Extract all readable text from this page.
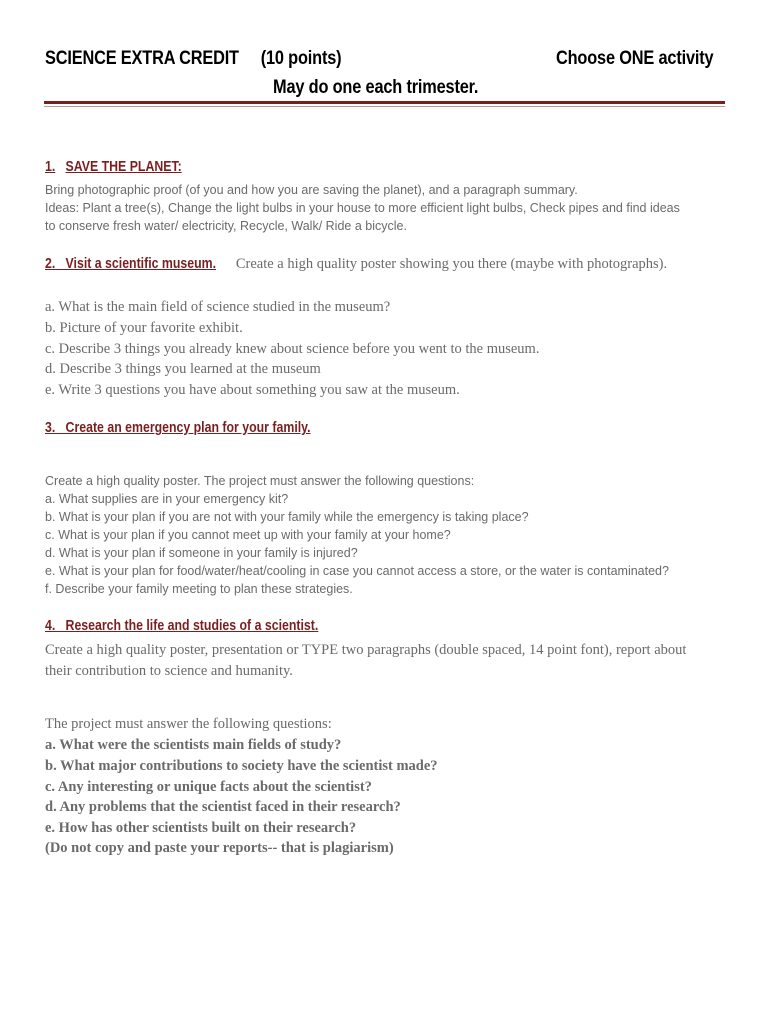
SCIENCE EXTRA CREDIT     (10 points)	Choose ONE activity
May do one each trimester.
1. SAVE THE PLANET:
Bring photographic proof (of you and how you are saving the planet), and a paragraph summary.
Ideas: Plant a tree(s), Change the light bulbs in your house to more efficient light bulbs, Check pipes and find ideas
to conserve fresh water/ electricity, Recycle, Walk/ Ride a bicycle.
2.   Visit a scientific museum. Create a high quality poster showing you there (maybe with photographs).
a. What is the main field of science studied in the museum?
b. Picture of your favorite exhibit.
c. Describe 3 things you already knew about science before you went to the museum.
d. Describe 3 things you learned at the museum
e. Write 3 questions you have about something you saw at the museum.
3.   Create an emergency plan for your family.
Create a high quality poster. The project must answer the following questions:
a. What supplies are in your emergency kit?
b. What is your plan if you are not with your family while the emergency is taking place?
c. What is your plan if you cannot meet up with your family at your home?
d. What is your plan if someone in your family is injured?
e. What is your plan for food/water/heat/cooling in case you cannot access a store, or the water is contaminated?
f. Describe your family meeting to plan these strategies.
4.   Research the life and studies of a scientist.
Create a high quality poster, presentation or TYPE two paragraphs (double spaced, 14 point font), report about
their contribution to science and humanity.
The project must answer the following questions:
a. What were the scientists main fields of study?
b. What major contributions to society have the scientist made?
c. Any interesting or unique facts about the scientist?
d. Any problems that the scientist faced in their research?
e. How has other scientists built on their research?
(Do not copy and paste your reports-- that is plagiarism)
